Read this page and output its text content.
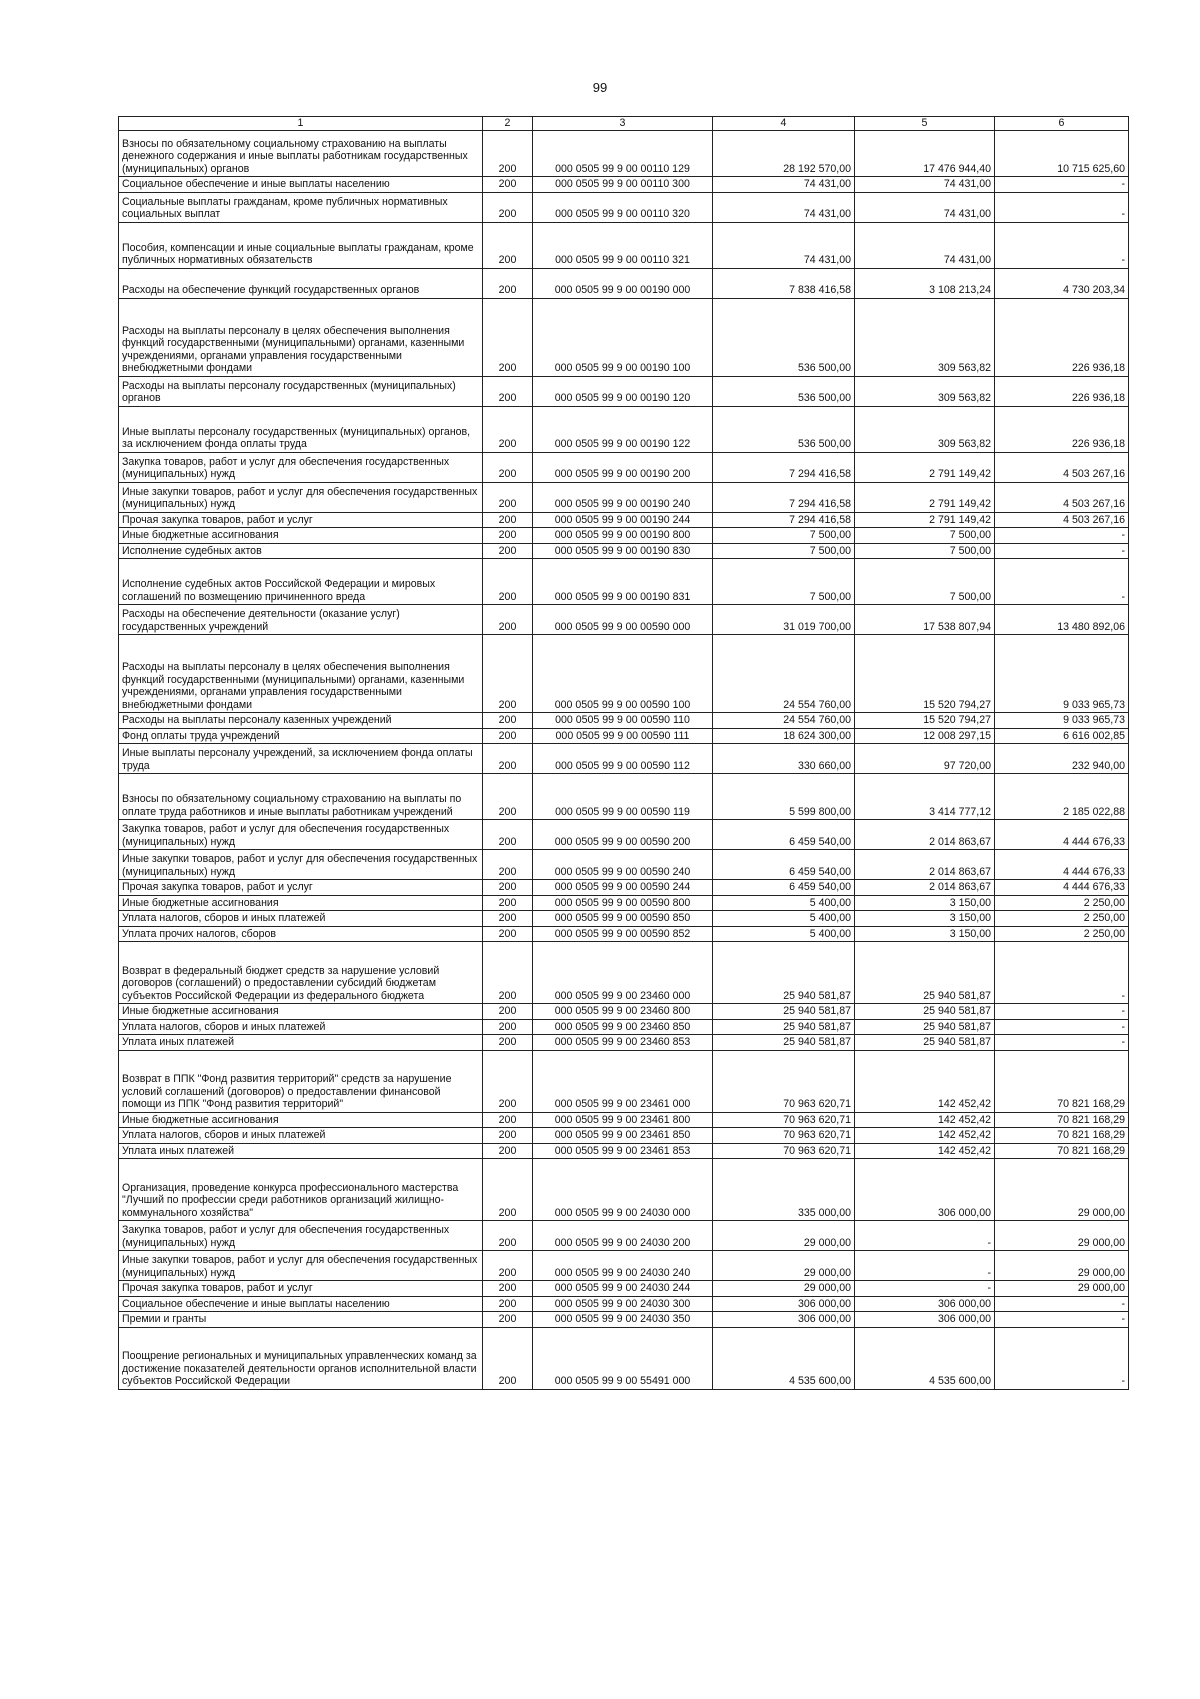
99
1	2	3	4	5	6
Взносы по обязательному социальному страхованию на выплаты денежного содержания и иные выплаты работникам государственных (муниципальных) органов	200	000 0505 99 9 00 00110 129	28 192 570,00	17 476 944,40	10 715 625,60
Социальное обеспечение и иные выплаты населению	200	000 0505 99 9 00 00110 300	74 431,00	74 431,00	-
Социальные выплаты гражданам, кроме публичных нормативных социальных выплат	200	000 0505 99 9 00 00110 320	74 431,00	74 431,00	-
Пособия, компенсации и иные социальные выплаты гражданам, кроме публичных нормативных обязательств	200	000 0505 99 9 00 00110 321	74 431,00	74 431,00	-
Расходы на обеспечение функций государственных органов	200	000 0505 99 9 00 00190 000	7 838 416,58	3 108 213,24	4 730 203,34
Расходы на выплаты персоналу в целях обеспечения выполнения функций государственными (муниципальными) органами, казенными учреждениями, органами управления государственными внебюджетными фондами	200	000 0505 99 9 00 00190 100	536 500,00	309 563,82	226 936,18
Расходы на выплаты персоналу государственных (муниципальных) органов	200	000 0505 99 9 00 00190 120	536 500,00	309 563,82	226 936,18
Иные выплаты персоналу государственных (муниципальных) органов, за исключением фонда оплаты труда	200	000 0505 99 9 00 00190 122	536 500,00	309 563,82	226 936,18
Закупка товаров, работ и услуг для обеспечения государственных (муниципальных) нужд	200	000 0505 99 9 00 00190 200	7 294 416,58	2 791 149,42	4 503 267,16
Иные закупки товаров, работ и услуг для обеспечения государственных (муниципальных) нужд	200	000 0505 99 9 00 00190 240	7 294 416,58	2 791 149,42	4 503 267,16
Прочая закупка товаров, работ и услуг	200	000 0505 99 9 00 00190 244	7 294 416,58	2 791 149,42	4 503 267,16
Иные бюджетные ассигнования	200	000 0505 99 9 00 00190 800	7 500,00	7 500,00	-
Исполнение судебных актов	200	000 0505 99 9 00 00190 830	7 500,00	7 500,00	-
Исполнение судебных актов Российской Федерации и мировых соглашений по возмещению причиненного вреда	200	000 0505 99 9 00 00190 831	7 500,00	7 500,00	-
Расходы на обеспечение деятельности (оказание услуг) государственных учреждений	200	000 0505 99 9 00 00590 000	31 019 700,00	17 538 807,94	13 480 892,06
Расходы на выплаты персоналу в целях обеспечения выполнения функций государственными (муниципальными) органами, казенными учреждениями, органами управления государственными внебюджетными фондами	200	000 0505 99 9 00 00590 100	24 554 760,00	15 520 794,27	9 033 965,73
Расходы на выплаты персоналу казенных учреждений	200	000 0505 99 9 00 00590 110	24 554 760,00	15 520 794,27	9 033 965,73
Фонд оплаты труда учреждений	200	000 0505 99 9 00 00590 111	18 624 300,00	12 008 297,15	6 616 002,85
Иные выплаты персоналу учреждений, за исключением фонда оплаты труда	200	000 0505 99 9 00 00590 112	330 660,00	97 720,00	232 940,00
Взносы по обязательному социальному страхованию на выплаты по оплате труда работников и иные выплаты работникам учреждений	200	000 0505 99 9 00 00590 119	5 599 800,00	3 414 777,12	2 185 022,88
Закупка товаров, работ и услуг для обеспечения государственных (муниципальных) нужд	200	000 0505 99 9 00 00590 200	6 459 540,00	2 014 863,67	4 444 676,33
Иные закупки товаров, работ и услуг для обеспечения государственных (муниципальных) нужд	200	000 0505 99 9 00 00590 240	6 459 540,00	2 014 863,67	4 444 676,33
Прочая закупка товаров, работ и услуг	200	000 0505 99 9 00 00590 244	6 459 540,00	2 014 863,67	4 444 676,33
Иные бюджетные ассигнования	200	000 0505 99 9 00 00590 800	5 400,00	3 150,00	2 250,00
Уплата налогов, сборов и иных платежей	200	000 0505 99 9 00 00590 850	5 400,00	3 150,00	2 250,00
Уплата прочих налогов, сборов	200	000 0505 99 9 00 00590 852	5 400,00	3 150,00	2 250,00
Возврат в федеральный бюджет средств за нарушение условий договоров (соглашений) о предоставлении субсидий бюджетам субъектов Российской Федерации из федерального бюджета	200	000 0505 99 9 00 23460 000	25 940 581,87	25 940 581,87	-
Иные бюджетные ассигнования	200	000 0505 99 9 00 23460 800	25 940 581,87	25 940 581,87	-
Уплата налогов, сборов и иных платежей	200	000 0505 99 9 00 23460 850	25 940 581,87	25 940 581,87	-
Уплата иных платежей	200	000 0505 99 9 00 23460 853	25 940 581,87	25 940 581,87	-
Возврат в ППК "Фонд развития территорий" средств за нарушение условий соглашений (договоров) о предоставлении финансовой помощи из ППК "Фонд развития территорий"	200	000 0505 99 9 00 23461 000	70 963 620,71	142 452,42	70 821 168,29
Иные бюджетные ассигнования	200	000 0505 99 9 00 23461 800	70 963 620,71	142 452,42	70 821 168,29
Уплата налогов, сборов и иных платежей	200	000 0505 99 9 00 23461 850	70 963 620,71	142 452,42	70 821 168,29
Уплата иных платежей	200	000 0505 99 9 00 23461 853	70 963 620,71	142 452,42	70 821 168,29
Организация, проведение конкурса профессионального мастерства "Лучший по профессии среди работников организаций жилищно-коммунального хозяйства"	200	000 0505 99 9 00 24030 000	335 000,00	306 000,00	29 000,00
Закупка товаров, работ и услуг для обеспечения государственных (муниципальных) нужд	200	000 0505 99 9 00 24030 200	29 000,00	-	29 000,00
Иные закупки товаров, работ и услуг для обеспечения государственных (муниципальных) нужд	200	000 0505 99 9 00 24030 240	29 000,00	-	29 000,00
Прочая закупка товаров, работ и услуг	200	000 0505 99 9 00 24030 244	29 000,00	-	29 000,00
Социальное обеспечение и иные выплаты населению	200	000 0505 99 9 00 24030 300	306 000,00	306 000,00	-
Премии и гранты	200	000 0505 99 9 00 24030 350	306 000,00	306 000,00	-
Поощрение региональных и муниципальных управленческих команд за достижение показателей деятельности органов исполнительной власти субъектов Российской Федерации	200	000 0505 99 9 00 55491 000	4 535 600,00	4 535 600,00	-
